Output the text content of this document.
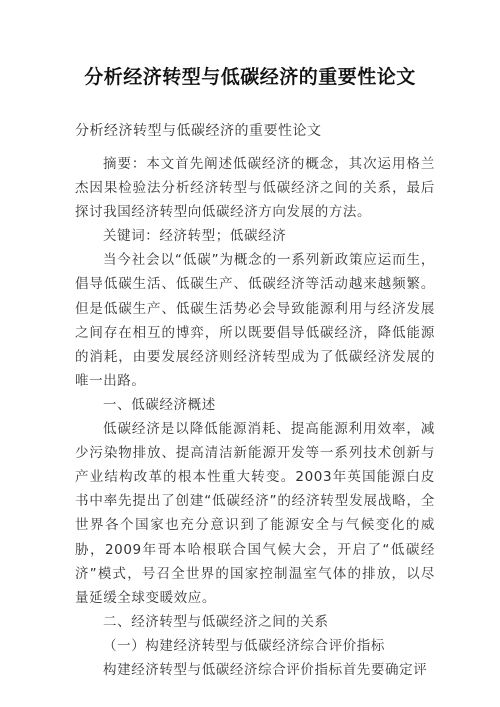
分析经济转型与低碳经济的重要性论文
分析经济转型与低碳经济的重要性论文

摘要：本文首先阐述低碳经济的概念，其次运用格兰杰因果检验法分析经济转型与低碳经济之间的关系，最后探讨我国经济转型向低碳经济方向发展的方法。

关键词：经济转型；低碳经济

当今社会以“低碳”为概念的一系列新政策应运而生，倡导低碳生活、低碳生产、低碳经济等活动越来越频繁。但是低碳生产、低碳生活势必会导致能源利用与经济发展之间存在相互的博弈，所以既要倡导低碳经济，降低能源的消耗，由要发展经济则经济转型成为了低碳经济发展的唯一出路。

一、低碳经济概述

低碳经济是以降低能源消耗、提高能源利用效率，减少污染物排放、提高清洁新能源开发等一系列技术创新与产业结构改革的根本性重大转变。2003年英国能源白皮书中率先提出了创建“低碳经济”的经济转型发展战略，全世界各个国家也充分意识到了能源安全与气候变化的威胁，2009年哥本哈根联合国气候大会，开启了“低碳经济”模式，号召全世界的国家控制温室气体的排放，以尽量延缓全球变暖效应。

二、经济转型与低碳经济之间的关系

（一）构建经济转型与低碳经济综合评价指标

构建经济转型与低碳经济综合评价指标首先要确定评
